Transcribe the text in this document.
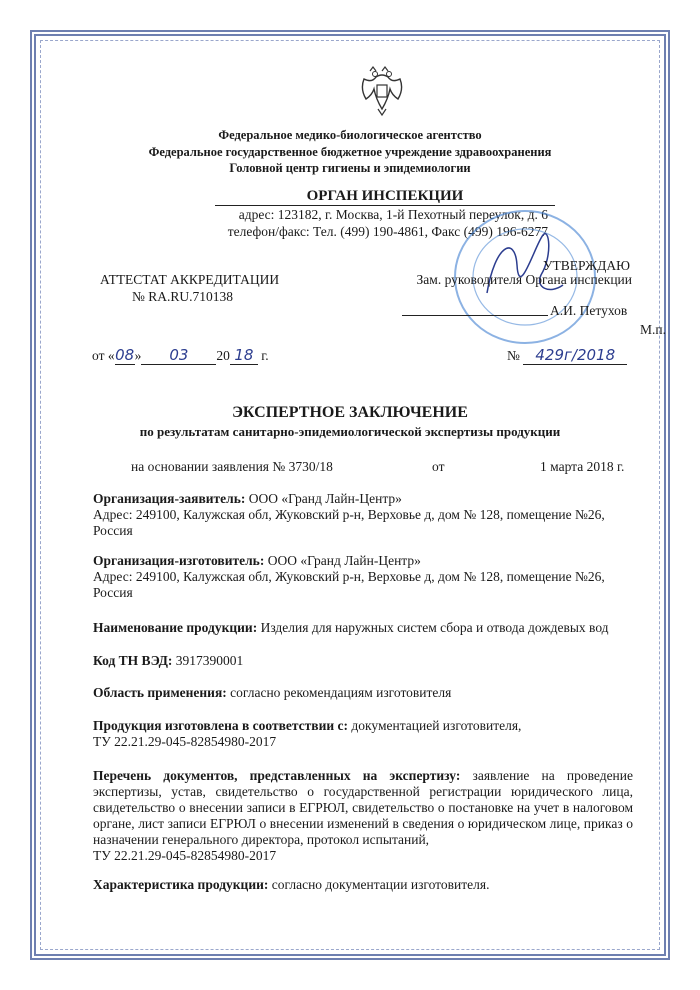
Федеральное медико-биологическое агентство
Федеральное государственное бюджетное учреждение здравоохранения
Головной центр гигиены и эпидемиологии
ОРГАН ИНСПЕКЦИИ
адрес: 123182, г. Москва, 1-й Пехотный переулок, д. 6
телефон/факс: Тел. (499) 190-4861, Факс (499) 196-6277
АТТЕСТАТ АККРЕДИТАЦИИ
№ RA.RU.710138
УТВЕРЖДАЮ
Зам. руководителя Органа инспекции
А.И. Петухов
М.п.
от «08» 03 20 18 г.	№ 429г/2018
ЭКСПЕРТНОЕ ЗАКЛЮЧЕНИЕ
по результатам санитарно-эпидемиологической экспертизы продукции
на основании заявления № 3730/18	от	1 марта 2018 г.
Организация-заявитель: ООО «Гранд Лайн-Центр»
Адрес: 249100, Калужская обл, Жуковский р-н, Верховье д, дом № 128, помещение №26, Россия
Организация-изготовитель: ООО «Гранд Лайн-Центр»
Адрес: 249100, Калужская обл, Жуковский р-н, Верховье д, дом № 128, помещение №26, Россия
Наименование продукции: Изделия для наружных систем сбора и отвода дождевых вод
Код ТН ВЭД: 3917390001
Область применения: согласно рекомендациям изготовителя
Продукция изготовлена в соответствии с: документацией изготовителя,
ТУ 22.21.29-045-82854980-2017
Перечень документов, представленных на экспертизу: заявление на проведение экспертизы, устав, свидетельство о государственной регистрации юридического лица, свидетельство о внесении записи в ЕГРЮЛ, свидетельство о постановке на учет в налоговом органе, лист записи ЕГРЮЛ о внесении изменений в сведения о юридическом лице, приказ о назначении генерального директора, протокол испытаний,
ТУ 22.21.29-045-82854980-2017
Характеристика продукции: согласно документации изготовителя.
